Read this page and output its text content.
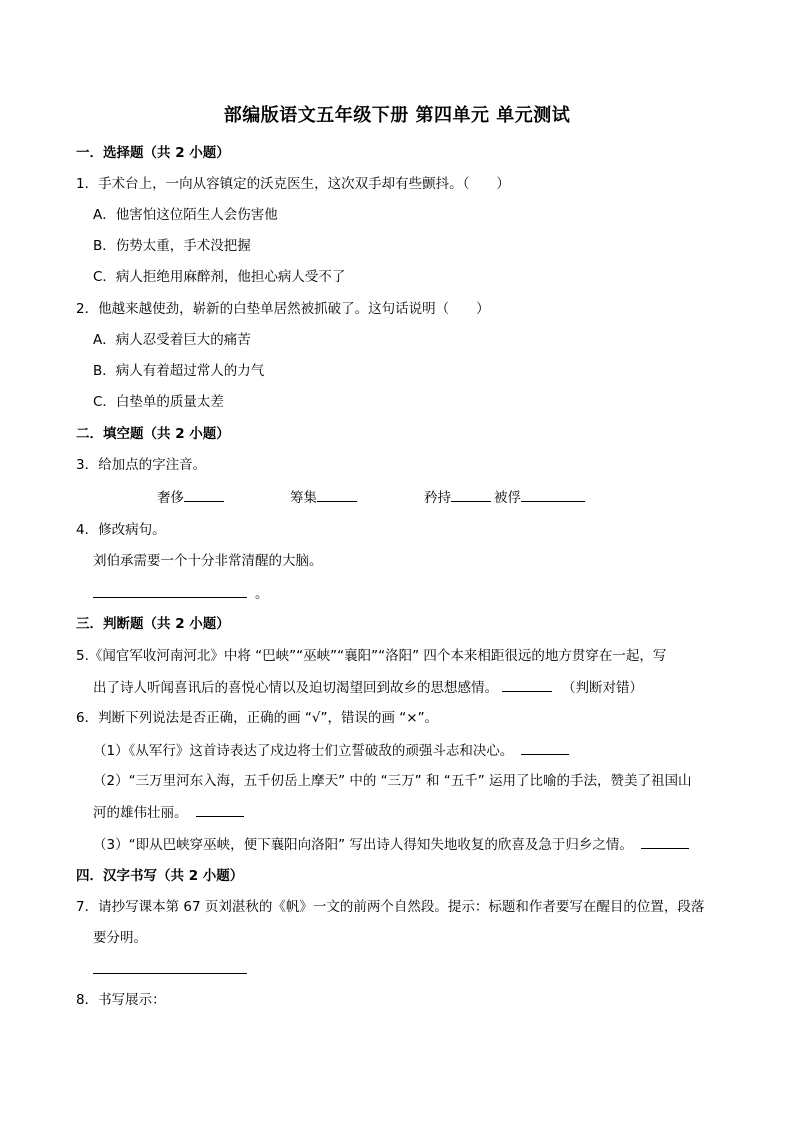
部编版语文五年级下册 第四单元 单元测试
一．选择题（共 2 小题）
1．手术台上，一向从容镇定的沃克医生，这次双手却有些颤抖。（　　）
A．他害怕这位陌生人会伤害他
B．伤势太重，手术没把握
C．病人拒绝用麻醉剂，他担心病人受不了
2．他越来越使劲，崭新的白垫单居然被抓破了。这句话说明（　　）
A．病人忍受着巨大的痛苦
B．病人有着超过常人的力气
C．白垫单的质量太差
二．填空题（共 2 小题）
3．给加点的字注音。
奢侈	筹集	矜持	被俘
4．修改病句。
刘伯承需要一个十分非常清醒的大脑。
。
三．判断题（共 2 小题）
5.《闻官军收河南河北》中将 “巴峡”“巫峡”“襄阳”“洛阳” 四个本来相距很远的地方贯穿在一起，写
出了诗人听闻喜讯后的喜悦心情以及迫切渴望回到故乡的思想感情。	（判断对错）
6．判断下列说法是否正确，正确的画 “√”，错误的画 “×”。
（1）《从军行》这首诗表达了戍边将士们立誓破敌的顽强斗志和决心。
（2）“三万里河东入海，五千仞岳上摩天” 中的 “三万” 和 “五千” 运用了比喻的手法，赞美了祖国山
河的雄伟壮丽。
（3）“即从巴峡穿巫峡，便下襄阳向洛阳” 写出诗人得知失地收复的欣喜及急于归乡之情。
四．汉字书写（共 2 小题）
7．请抄写课本第 67 页刘湛秋的《帆》一文的前两个自然段。提示：标题和作者要写在醒目的位置，段落
要分明。
8．书写展示：
